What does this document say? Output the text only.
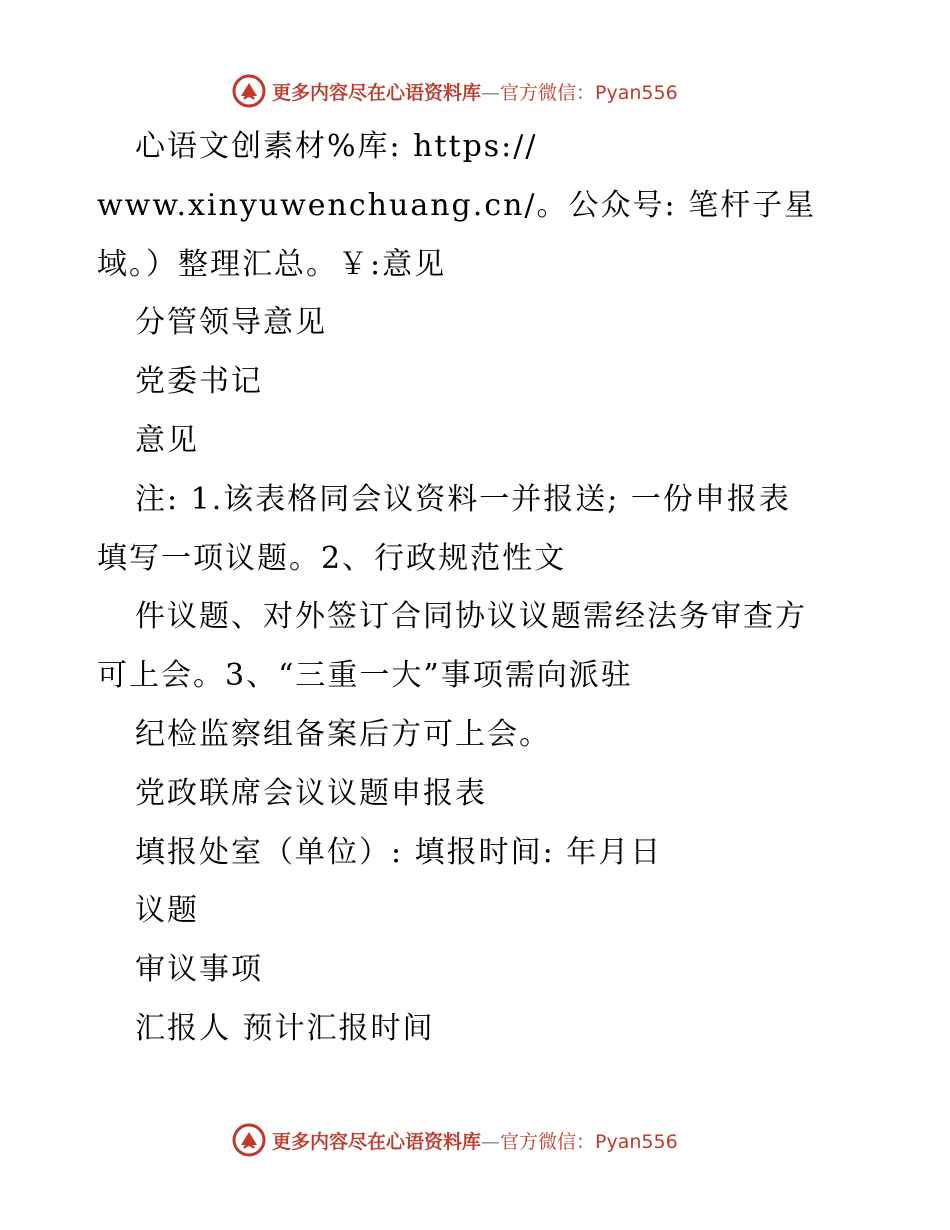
更多内容尽在心语资料库—官方微信：Pyan556
心语文创素材%库: https://
www.xinyuwenchuang.cn/。公众号: 笔杆子星
域。）整理汇总。￥:意见
分管领导意见
党委书记
意见
注: 1.该表格同会议资料一并报送; 一份申报表
填写一项议题。2、行政规范性文
件议题、对外签订合同协议议题需经法务审查方
可上会。3、“三重一大”事项需向派驻
纪检监察组备案后方可上会。
党政联席会议议题申报表
填报处室（单位）: 填报时间: 年月日
议题
审议事项
汇报人 预计汇报时间
更多内容尽在心语资料库—官方微信：Pyan556
